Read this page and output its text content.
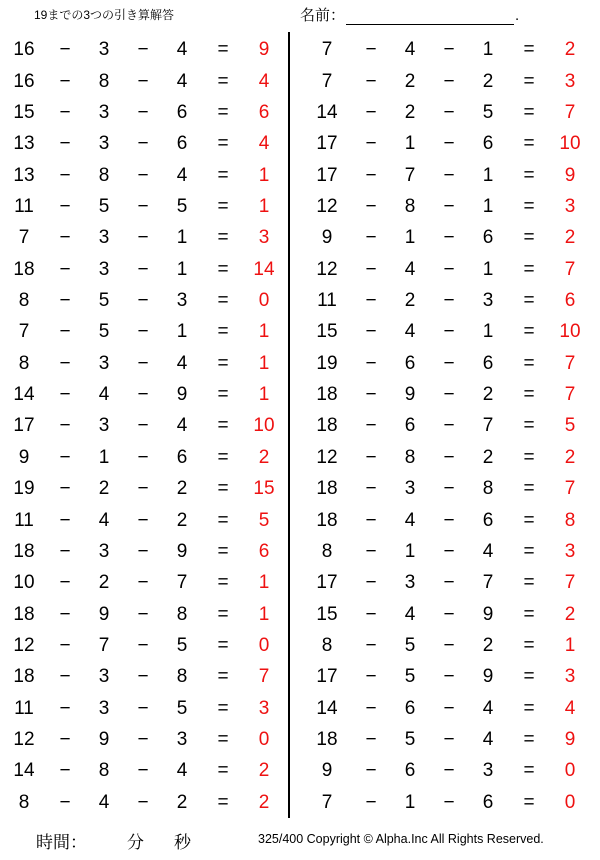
19までの3つの引き算解答	名前：	.
16	−	3	−	4	=	9
16	−	8	−	4	=	4
15	−	3	−	6	=	6
13	−	3	−	6	=	4
13	−	8	−	4	=	1
11	−	5	−	5	=	1
7	−	3	−	1	=	3
18	−	3	−	1	=	14
8	−	5	−	3	=	0
7	−	5	−	1	=	1
8	−	3	−	4	=	1
14	−	4	−	9	=	1
17	−	3	−	4	=	10
9	−	1	−	6	=	2
19	−	2	−	2	=	15
11	−	4	−	2	=	5
18	−	3	−	9	=	6
10	−	2	−	7	=	1
18	−	9	−	8	=	1
12	−	7	−	5	=	0
18	−	3	−	8	=	7
11	−	3	−	5	=	3
12	−	9	−	3	=	0
14	−	8	−	4	=	2
8	−	4	−	2	=	2
7	−	4	−	1	=	2
7	−	2	−	2	=	3
14	−	2	−	5	=	7
17	−	1	−	6	=	10
17	−	7	−	1	=	9
12	−	8	−	1	=	3
9	−	1	−	6	=	2
12	−	4	−	1	=	7
11	−	2	−	3	=	6
15	−	4	−	1	=	10
19	−	6	−	6	=	7
18	−	9	−	2	=	7
18	−	6	−	7	=	5
12	−	8	−	2	=	2
18	−	3	−	8	=	7
18	−	4	−	6	=	8
8	−	1	−	4	=	3
17	−	3	−	7	=	7
15	−	4	−	9	=	2
8	−	5	−	2	=	1
17	−	5	−	9	=	3
14	−	6	−	4	=	4
18	−	5	−	4	=	9
9	−	6	−	3	=	0
7	−	1	−	6	=	0
時間： 分 秒	325/400 Copyright © Alpha.Inc All Rights Reserved.
